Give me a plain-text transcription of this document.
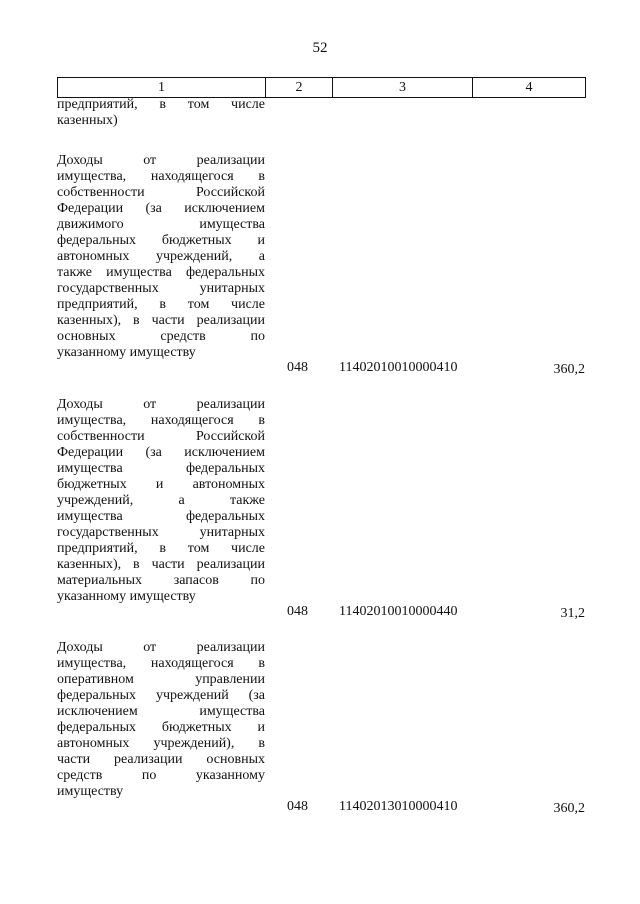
52
1	2	3	4
предприятий, в том числе
казенных)
Доходы от реализации
имущества, находящегося в
собственности Российской
Федерации (за исключением
движимого имущества
федеральных бюджетных и
автономных учреждений, а
также имущества федеральных
государственных унитарных
предприятий, в том числе
казенных), в части реализации
основных средств по
указанному имуществу
048	11402010010000410	360,2
Доходы от реализации
имущества, находящегося в
собственности Российской
Федерации (за исключением
имущества федеральных
бюджетных и автономных
учреждений, а также
имущества федеральных
государственных унитарных
предприятий, в том числе
казенных), в части реализации
материальных запасов по
указанному имуществу
048	11402010010000440	31,2
Доходы от реализации
имущества, находящегося в
оперативном управлении
федеральных учреждений (за
исключением имущества
федеральных бюджетных и
автономных учреждений), в
части реализации основных
средств по указанному
имуществу
048	11402013010000410	360,2
